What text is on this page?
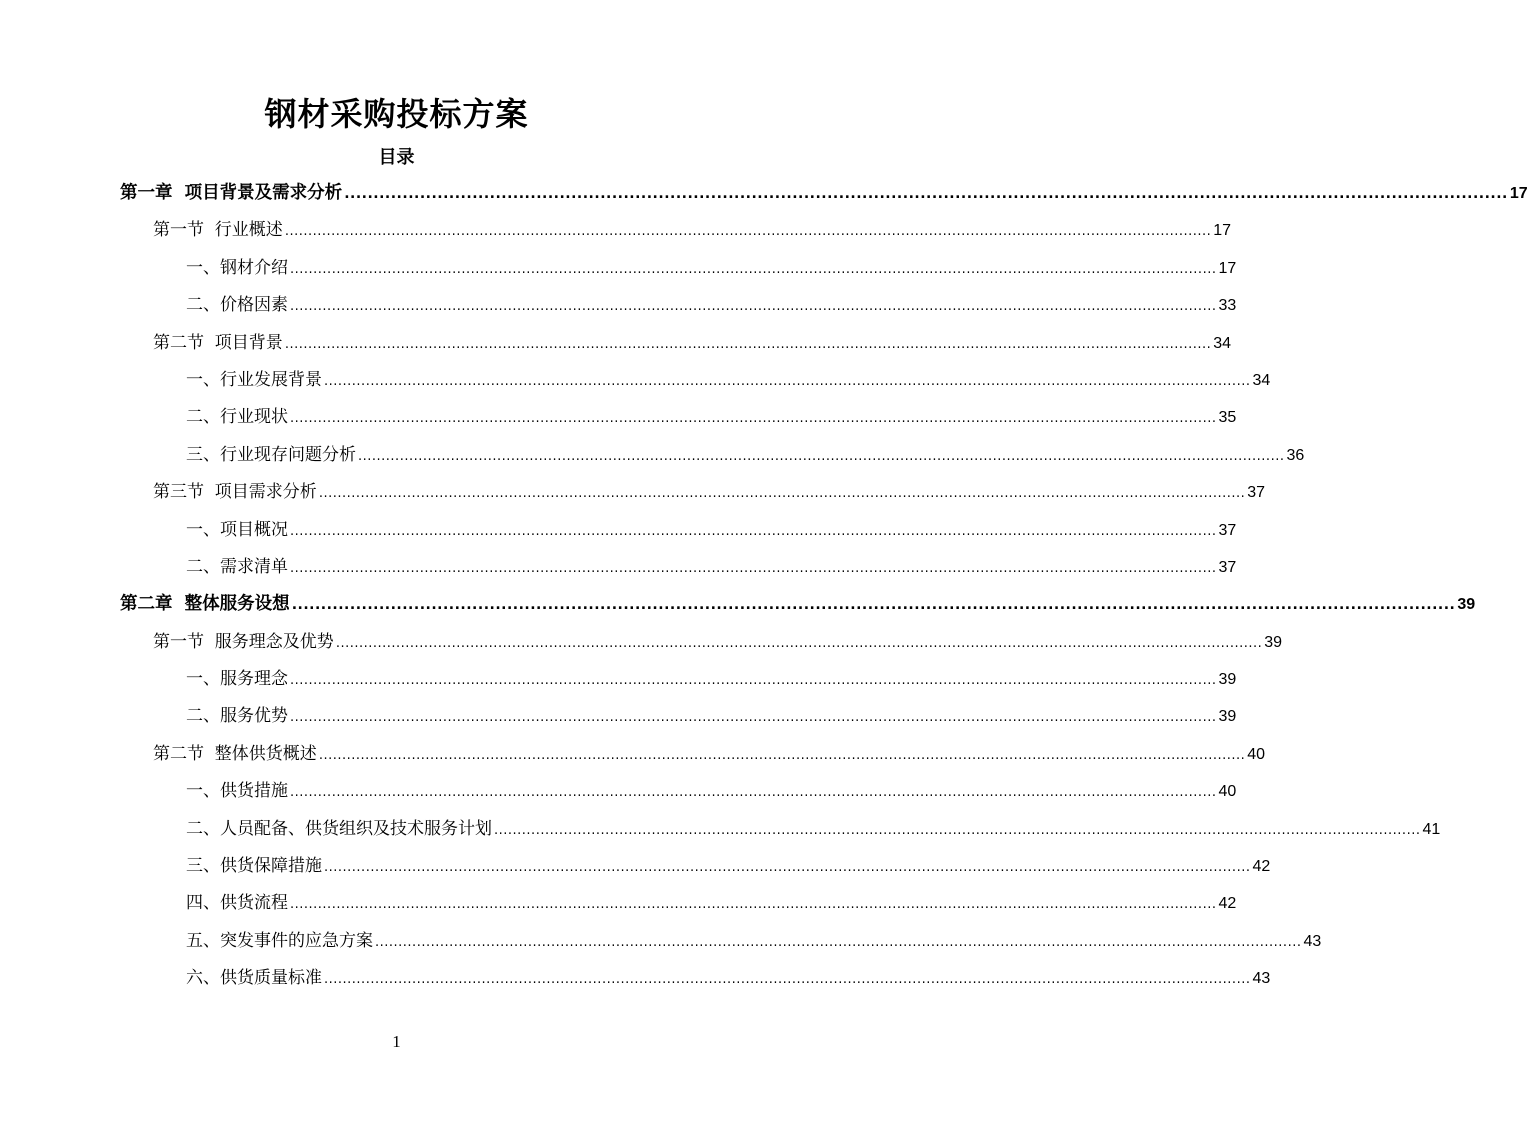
钢材采购投标方案
目录
第一章  项目背景及需求分析 ........................................................................................................................................................................................................ 17
第一节  行业概述 ........................................................................................................................................................................................................ 17
一、钢材介绍 ........................................................................................................................................................................................................ 17
二、价格因素 ........................................................................................................................................................................................................ 33
第二节  项目背景 ........................................................................................................................................................................................................ 34
一、行业发展背景 ........................................................................................................................................................................................................ 34
二、行业现状 ........................................................................................................................................................................................................ 35
三、行业现存问题分析 ........................................................................................................................................................................................................ 36
第三节  项目需求分析 ........................................................................................................................................................................................................ 37
一、项目概况 ........................................................................................................................................................................................................ 37
二、需求清单 ........................................................................................................................................................................................................ 37
第二章  整体服务设想 ........................................................................................................................................................................................................ 39
第一节  服务理念及优势 ........................................................................................................................................................................................................ 39
一、服务理念 ........................................................................................................................................................................................................ 39
二、服务优势 ........................................................................................................................................................................................................ 39
第二节  整体供货概述 ........................................................................................................................................................................................................ 40
一、供货措施 ........................................................................................................................................................................................................ 40
二、人员配备、供货组织及技术服务计划 ........................................................................................................................................................................................................ 41
三、供货保障措施 ........................................................................................................................................................................................................ 42
四、供货流程 ........................................................................................................................................................................................................ 42
五、突发事件的应急方案 ........................................................................................................................................................................................................ 43
六、供货质量标准 ........................................................................................................................................................................................................ 43
1
